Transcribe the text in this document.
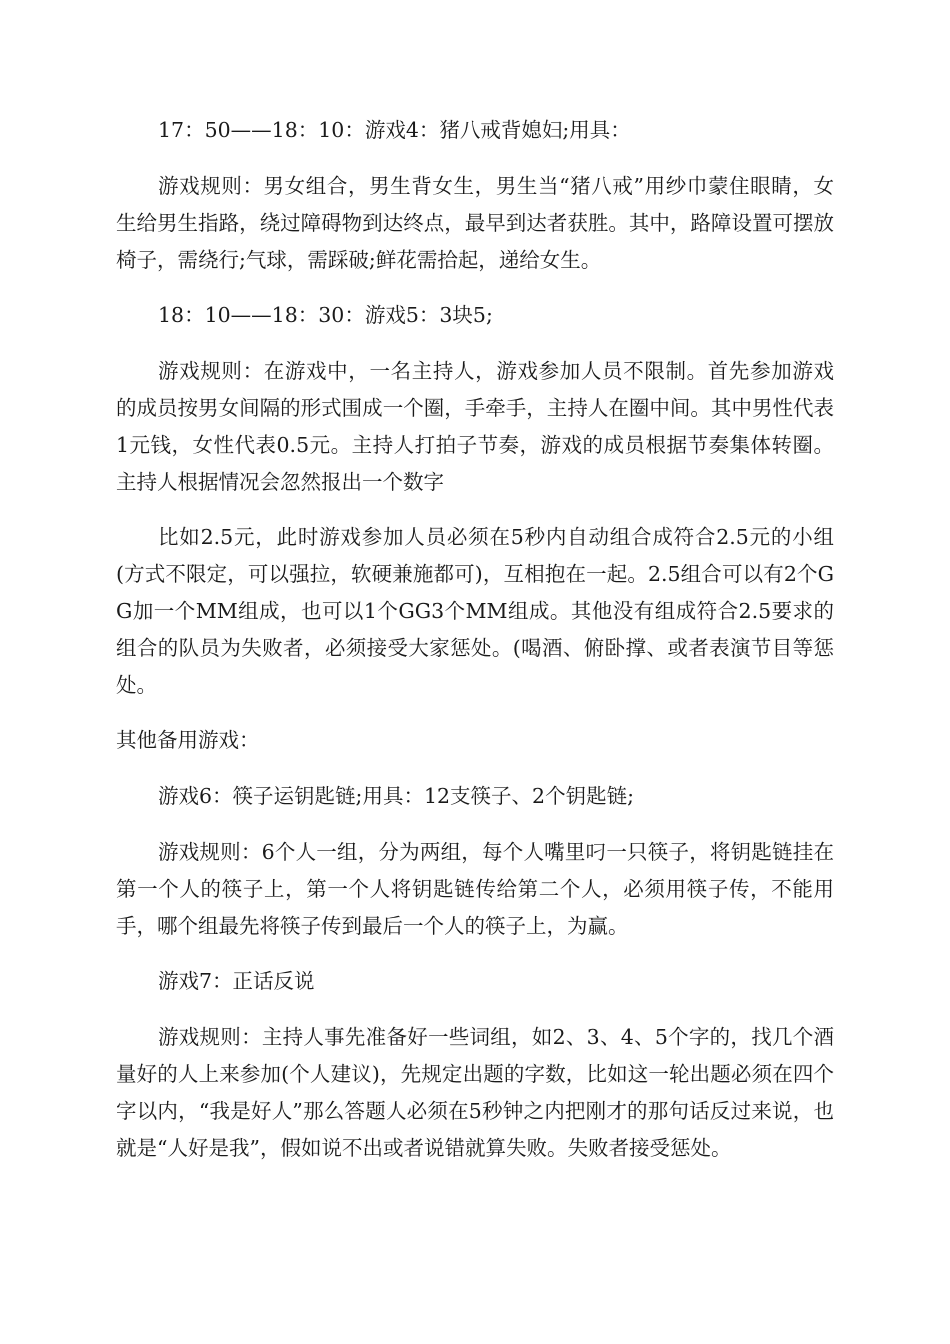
17：50——18：10：游戏4：猪八戒背媳妇;用具：

游戏规则：男女组合，男生背女生，男生当“猪八戒”用纱巾蒙住眼睛，女生给男生指路，绕过障碍物到达终点，最早到达者获胜。其中，路障设置可摆放椅子，需绕行;气球，需踩破;鲜花需拾起，递给女生。

18：10——18：30：游戏5：3块5;

游戏规则：在游戏中，一名主持人，游戏参加人员不限制。首先参加游戏的成员按男女间隔的形式围成一个圈，手牵手，主持人在圈中间。其中男性代表1元钱，女性代表0.5元。主持人打拍子节奏，游戏的成员根据节奏集体转圈。主持人根据情况会忽然报出一个数字

比如2.5元，此时游戏参加人员必须在5秒内自动组合成符合2.5元的小组(方式不限定，可以强拉，软硬兼施都可)，互相抱在一起。2.5组合可以有2个GG加一个MM组成，也可以1个GG3个MM组成。其他没有组成符合2.5要求的组合的队员为失败者，必须接受大家惩处。(喝酒、俯卧撑、或者表演节目等惩处。

其他备用游戏：

游戏6：筷子运钥匙链;用具：12支筷子、2个钥匙链;

游戏规则：6个人一组，分为两组，每个人嘴里叼一只筷子，将钥匙链挂在第一个人的筷子上，第一个人将钥匙链传给第二个人，必须用筷子传，不能用手，哪个组最先将筷子传到最后一个人的筷子上，为赢。

游戏7：正话反说

游戏规则：主持人事先准备好一些词组，如2、3、4、5个字的，找几个酒量好的人上来参加(个人建议)，先规定出题的字数，比如这一轮出题必须在四个字以内，“我是好人”那么答题人必须在5秒钟之内把刚才的那句话反过来说，也就是“人好是我”，假如说不出或者说错就算失败。失败者接受惩处。
